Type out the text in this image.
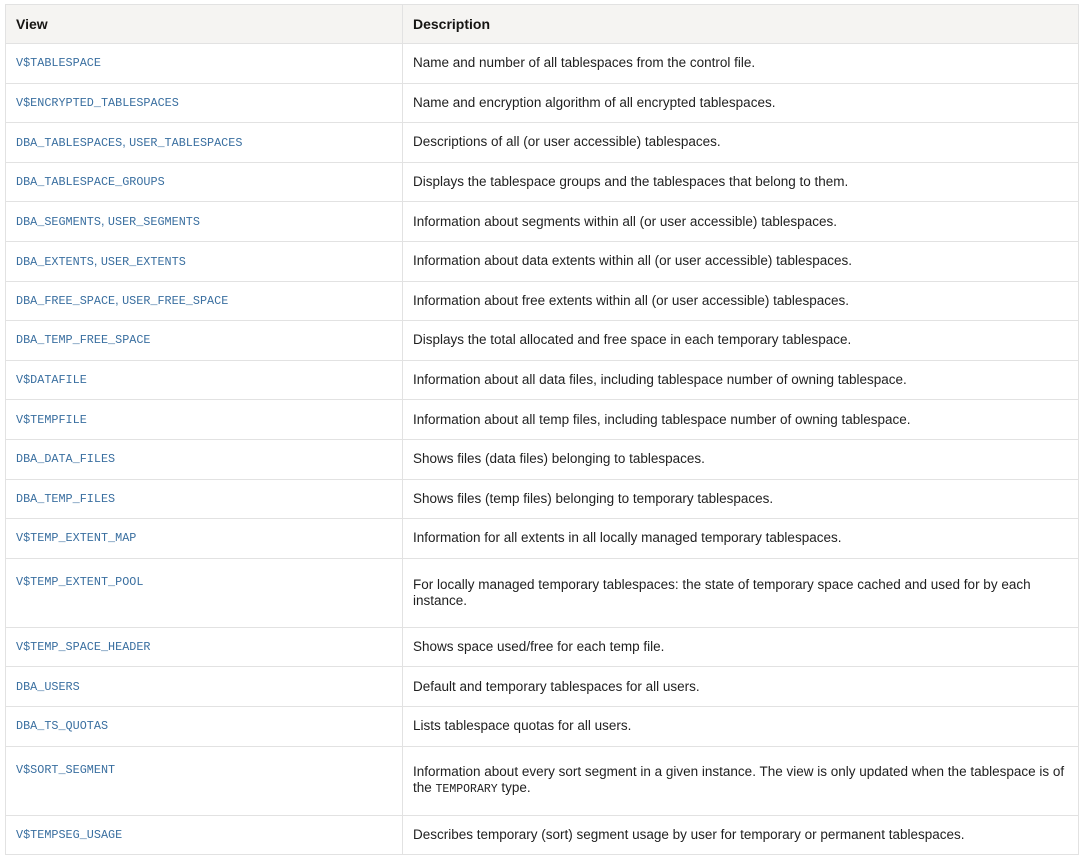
View	Description
V$TABLESPACE	Name and number of all tablespaces from the control file.
V$ENCRYPTED_TABLESPACES	Name and encryption algorithm of all encrypted tablespaces.
DBA_TABLESPACES, USER_TABLESPACES	Descriptions of all (or user accessible) tablespaces.
DBA_TABLESPACE_GROUPS	Displays the tablespace groups and the tablespaces that belong to them.
DBA_SEGMENTS, USER_SEGMENTS	Information about segments within all (or user accessible) tablespaces.
DBA_EXTENTS, USER_EXTENTS	Information about data extents within all (or user accessible) tablespaces.
DBA_FREE_SPACE, USER_FREE_SPACE	Information about free extents within all (or user accessible) tablespaces.
DBA_TEMP_FREE_SPACE	Displays the total allocated and free space in each temporary tablespace.
V$DATAFILE	Information about all data files, including tablespace number of owning tablespace.
V$TEMPFILE	Information about all temp files, including tablespace number of owning tablespace.
DBA_DATA_FILES	Shows files (data files) belonging to tablespaces.
DBA_TEMP_FILES	Shows files (temp files) belonging to temporary tablespaces.
V$TEMP_EXTENT_MAP	Information for all extents in all locally managed temporary tablespaces.
V$TEMP_EXTENT_POOL	For locally managed temporary tablespaces: the state of temporary space cached and used for by each instance.
V$TEMP_SPACE_HEADER	Shows space used/free for each temp file.
DBA_USERS	Default and temporary tablespaces for all users.
DBA_TS_QUOTAS	Lists tablespace quotas for all users.
V$SORT_SEGMENT	Information about every sort segment in a given instance. The view is only updated when the tablespace is of the TEMPORARY type.
V$TEMPSEG_USAGE	Describes temporary (sort) segment usage by user for temporary or permanent tablespaces.
